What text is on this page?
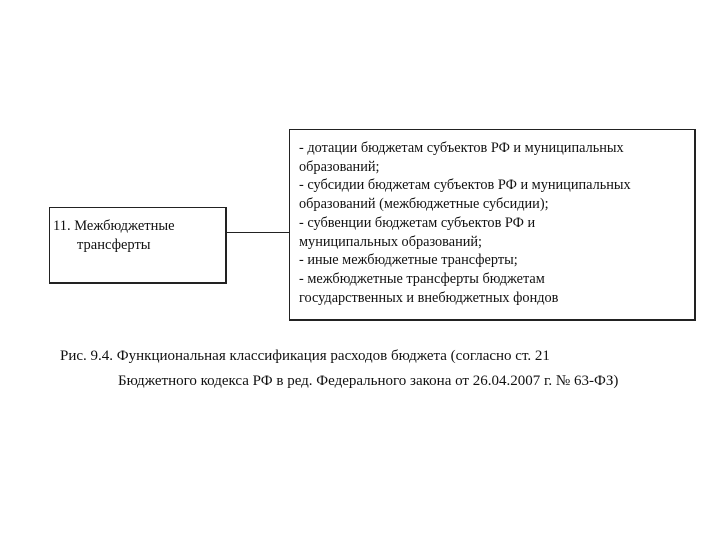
11. Межбюджетные
трансферты
- дотации бюджетам субъектов РФ и муниципальных
образований;
- субсидии бюджетам субъектов РФ и муниципальных
образований (межбюджетные субсидии);
- субвенции бюджетам субъектов РФ и
муниципальных образований;
- иные межбюджетные трансферты;
- межбюджетные трансферты бюджетам
государственных и внебюджетных фондов
Рис. 9.4. Функциональная классификация расходов бюджета (согласно ст. 21
Бюджетного кодекса РФ в ред. Федерального закона от 26.04.2007 г. № 63-ФЗ)
